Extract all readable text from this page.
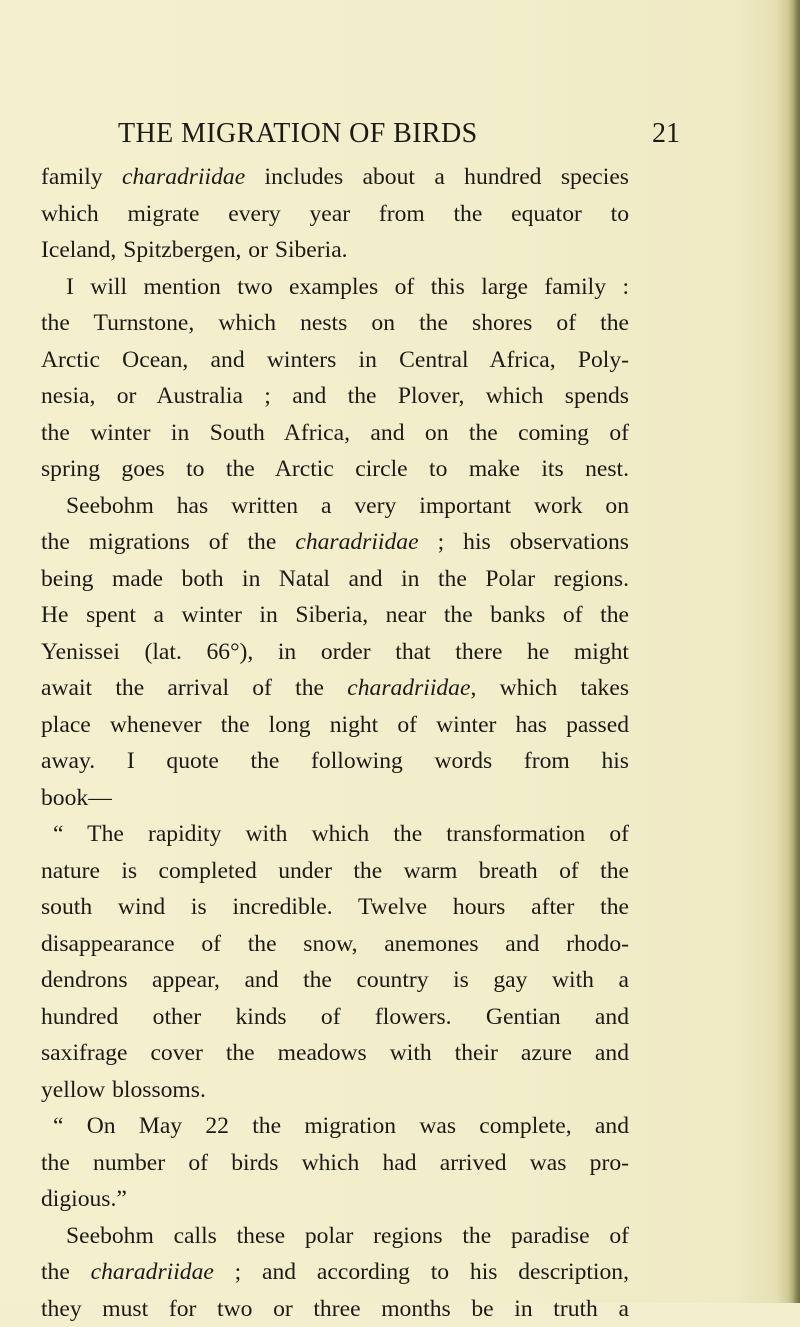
THE MIGRATION OF BIRDS	21
family charadriidae includes about a hundred species
which migrate every year from the equator to
Iceland, Spitzbergen, or Siberia.
I will mention two examples of this large family :
the Turnstone, which nests on the shores of the
Arctic Ocean, and winters in Central Africa, Poly-
nesia, or Australia ; and the Plover, which spends
the winter in South Africa, and on the coming of
spring goes to the Arctic circle to make its nest.
Seebohm has written a very important work on
the migrations of the charadriidae ; his observations
being made both in Natal and in the Polar regions.
He spent a winter in Siberia, near the banks of the
Yenissei (lat. 66°), in order that there he might
await the arrival of the charadriidae, which takes
place whenever the long night of winter has passed
away. I quote the following words from his
book—
“ The rapidity with which the transformation of
nature is completed under the warm breath of the
south wind is incredible. Twelve hours after the
disappearance of the snow, anemones and rhodo-
dendrons appear, and the country is gay with a
hundred other kinds of flowers. Gentian and
saxifrage cover the meadows with their azure and
yellow blossoms.
“ On May 22 the migration was complete, and
the number of birds which had arrived was pro-
digious.”
Seebohm calls these polar regions the paradise of
the charadriidae ; and according to his description,
they must for two or three months be in truth a
